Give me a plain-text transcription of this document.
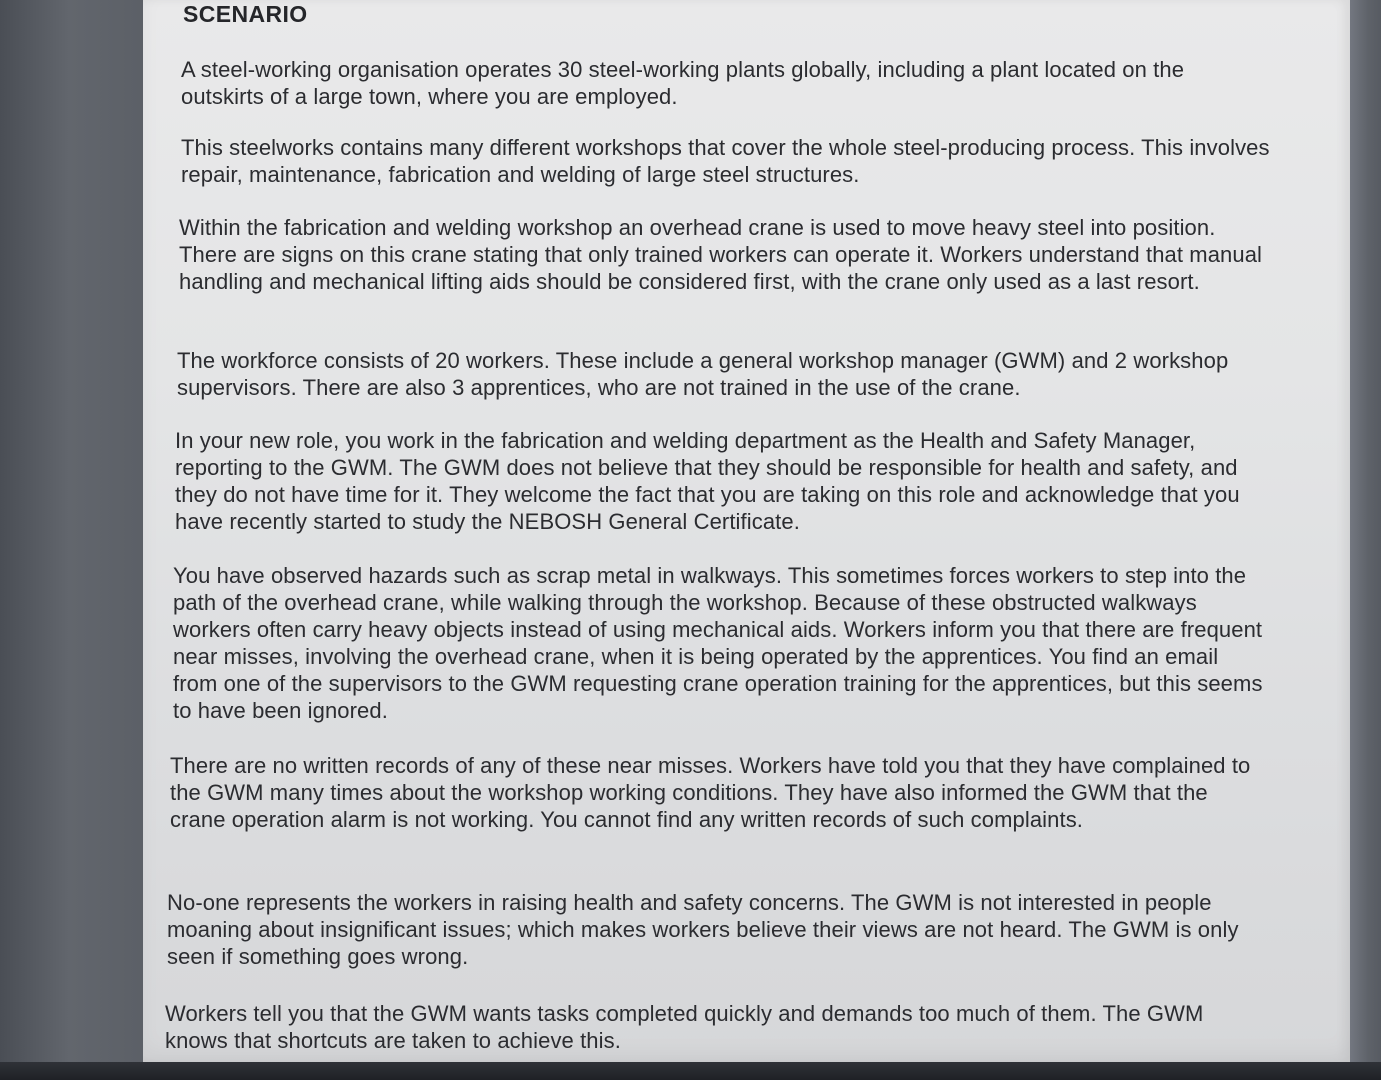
SCENARIO
A steel-working organisation operates 30 steel-working plants globally, including a plant located on the outskirts of a large town, where you are employed.
This steelworks contains many different workshops that cover the whole steel-producing process. This involves repair, maintenance, fabrication and welding of large steel structures.
Within the fabrication and welding workshop an overhead crane is used to move heavy steel into position. There are signs on this crane stating that only trained workers can operate it. Workers understand that manual handling and mechanical lifting aids should be considered first, with the crane only used as a last resort.
The workforce consists of 20 workers. These include a general workshop manager (GWM) and 2 workshop supervisors. There are also 3 apprentices, who are not trained in the use of the crane.
In your new role, you work in the fabrication and welding department as the Health and Safety Manager, reporting to the GWM. The GWM does not believe that they should be responsible for health and safety, and they do not have time for it. They welcome the fact that you are taking on this role and acknowledge that you have recently started to study the NEBOSH General Certificate.
You have observed hazards such as scrap metal in walkways. This sometimes forces workers to step into the path of the overhead crane, while walking through the workshop. Because of these obstructed walkways workers often carry heavy objects instead of using mechanical aids. Workers inform you that there are frequent near misses, involving the overhead crane, when it is being operated by the apprentices. You find an email from one of the supervisors to the GWM requesting crane operation training for the apprentices, but this seems to have been ignored.
There are no written records of any of these near misses. Workers have told you that they have complained to the GWM many times about the workshop working conditions. They have also informed the GWM that the crane operation alarm is not working. You cannot find any written records of such complaints.
No-one represents the workers in raising health and safety concerns. The GWM is not interested in people moaning about insignificant issues; which makes workers believe their views are not heard. The GWM is only seen if something goes wrong.
Workers tell you that the GWM wants tasks completed quickly and demands too much of them. The GWM knows that shortcuts are taken to achieve this.
